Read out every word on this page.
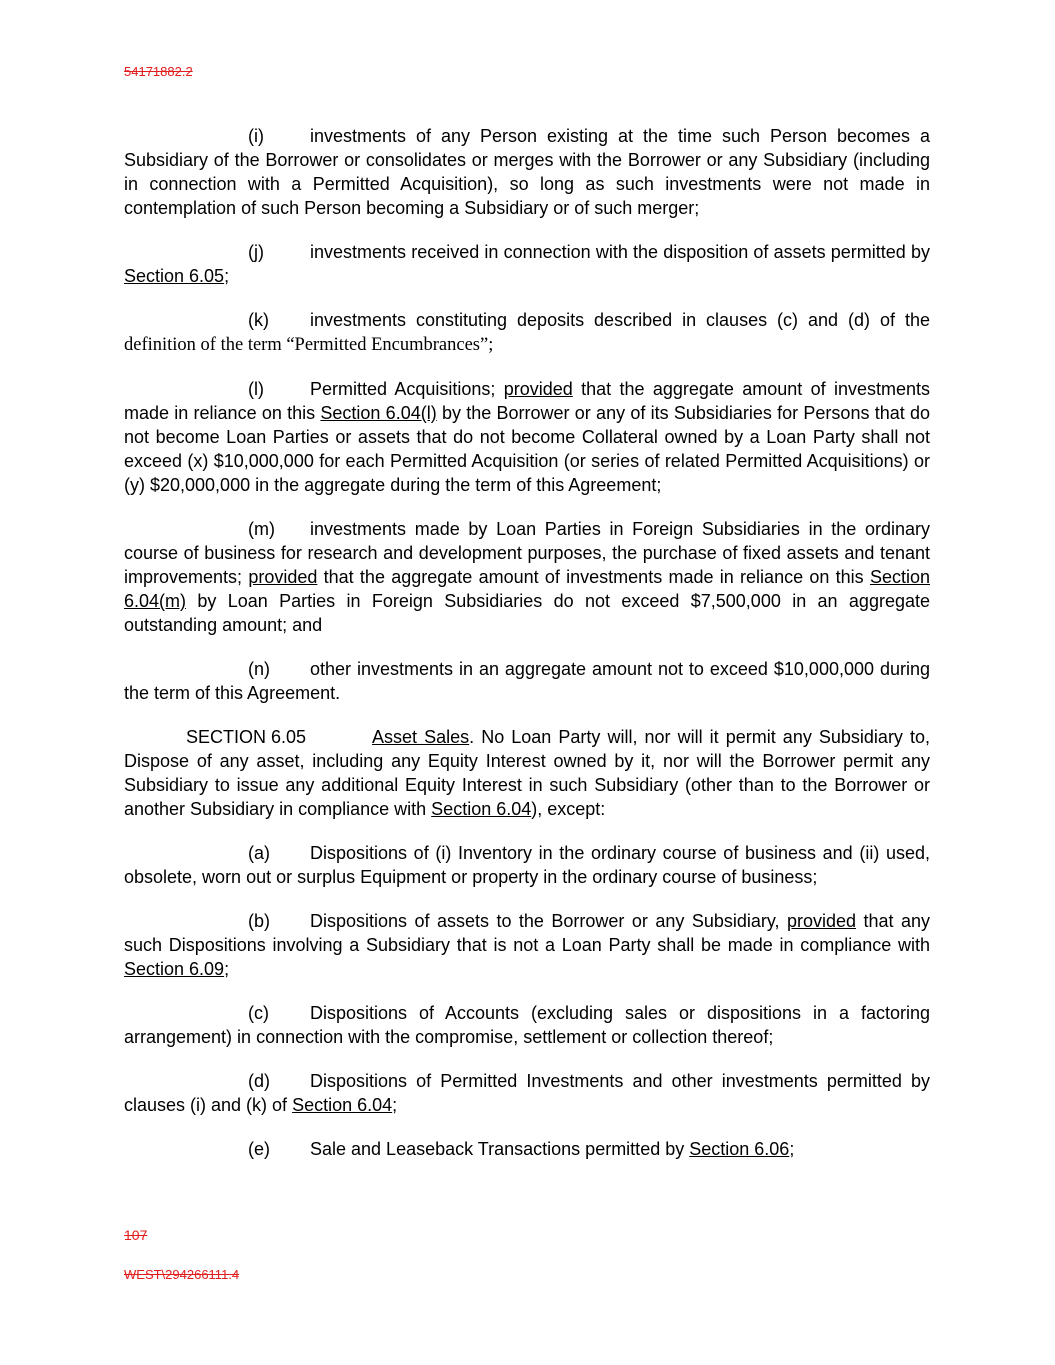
54171882.2

(i)	investments of any Person existing at the time such Person becomes a Subsidiary of the Borrower or consolidates or merges with the Borrower or any Subsidiary (including in connection with a Permitted Acquisition), so long as such investments were not made in contemplation of such Person becoming a Subsidiary or of such merger;

(j)	investments received in connection with the disposition of assets permitted by Section 6.05;

(k) investments constituting deposits described in clauses (c) and (d) of the definition of the term “Permitted Encumbrances”;

(l)	Permitted Acquisitions; provided that the aggregate amount of investments made in reliance on this Section 6.04(l) by the Borrower or any of its Subsidiaries for Persons that do not become Loan Parties or assets that do not become Collateral owned by a Loan Party shall not exceed (x) $10,000,000 for each Permitted Acquisition (or series of related Permitted Acquisitions) or (y) $20,000,000 in the aggregate during the term of this Agreement;

(m) investments made by Loan Parties in Foreign Subsidiaries in the ordinary course of business for research and development purposes, the purchase of fixed assets and tenant improvements; provided that the aggregate amount of investments made in reliance on this Section 6.04(m) by Loan Parties in Foreign Subsidiaries do not exceed $7,500,000 in an aggregate outstanding amount; and

(n) other investments in an aggregate amount not to exceed $10,000,000 during the term of this Agreement.

SECTION 6.05	Asset Sales. No Loan Party will, nor will it permit any Subsidiary to, Dispose of any asset, including any Equity Interest owned by it, nor will the Borrower permit any Subsidiary to issue any additional Equity Interest in such Subsidiary (other than to the Borrower or another Subsidiary in compliance with Section 6.04), except:

(a) Dispositions of (i) Inventory in the ordinary course of business and (ii) used, obsolete, worn out or surplus Equipment or property in the ordinary course of business;

(b) Dispositions of assets to the Borrower or any Subsidiary, provided that any such Dispositions involving a Subsidiary that is not a Loan Party shall be made in compliance with Section 6.09;

(c) Dispositions of Accounts (excluding sales or dispositions in a factoring arrangement) in connection with the compromise, settlement or collection thereof;

(d) Dispositions of Permitted Investments and other investments permitted by clauses (i) and (k) of Section 6.04;

(e) Sale and Leaseback Transactions permitted by Section 6.06;

107
WEST\294266111.4
